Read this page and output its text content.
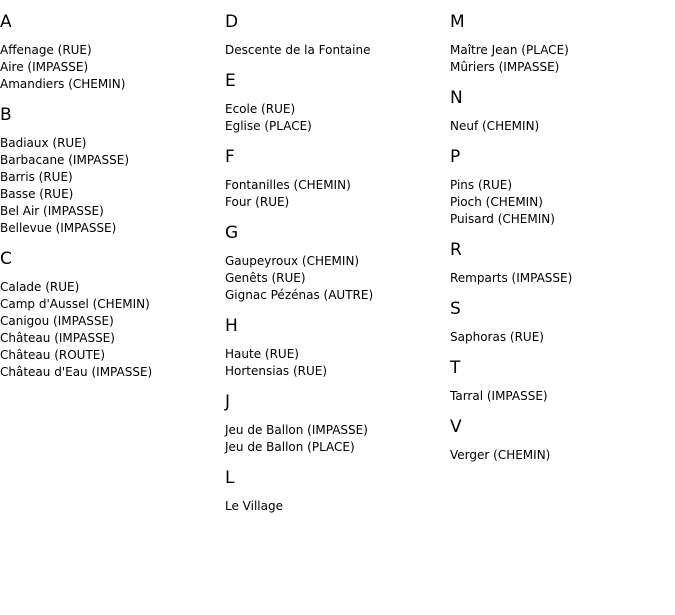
A
Affenage (RUE)
Aire (IMPASSE)
Amandiers (CHEMIN)
B
Badiaux (RUE)
Barbacane (IMPASSE)
Barris (RUE)
Basse (RUE)
Bel Air (IMPASSE)
Bellevue (IMPASSE)
C
Calade (RUE)
Camp d'Aussel (CHEMIN)
Canigou (IMPASSE)
Château (IMPASSE)
Château (ROUTE)
Château d'Eau (IMPASSE)
D
Descente de la Fontaine
E
Ecole (RUE)
Eglise (PLACE)
F
Fontanilles (CHEMIN)
Four (RUE)
G
Gaupeyroux (CHEMIN)
Genêts (RUE)
Gignac Pézénas (AUTRE)
H
Haute (RUE)
Hortensias (RUE)
J
Jeu de Ballon (IMPASSE)
Jeu de Ballon (PLACE)
L
Le Village
M
Maître Jean (PLACE)
Mûriers (IMPASSE)
N
Neuf (CHEMIN)
P
Pins (RUE)
Pioch (CHEMIN)
Puisard (CHEMIN)
R
Remparts (IMPASSE)
S
Saphoras (RUE)
T
Tarral (IMPASSE)
V
Verger (CHEMIN)
